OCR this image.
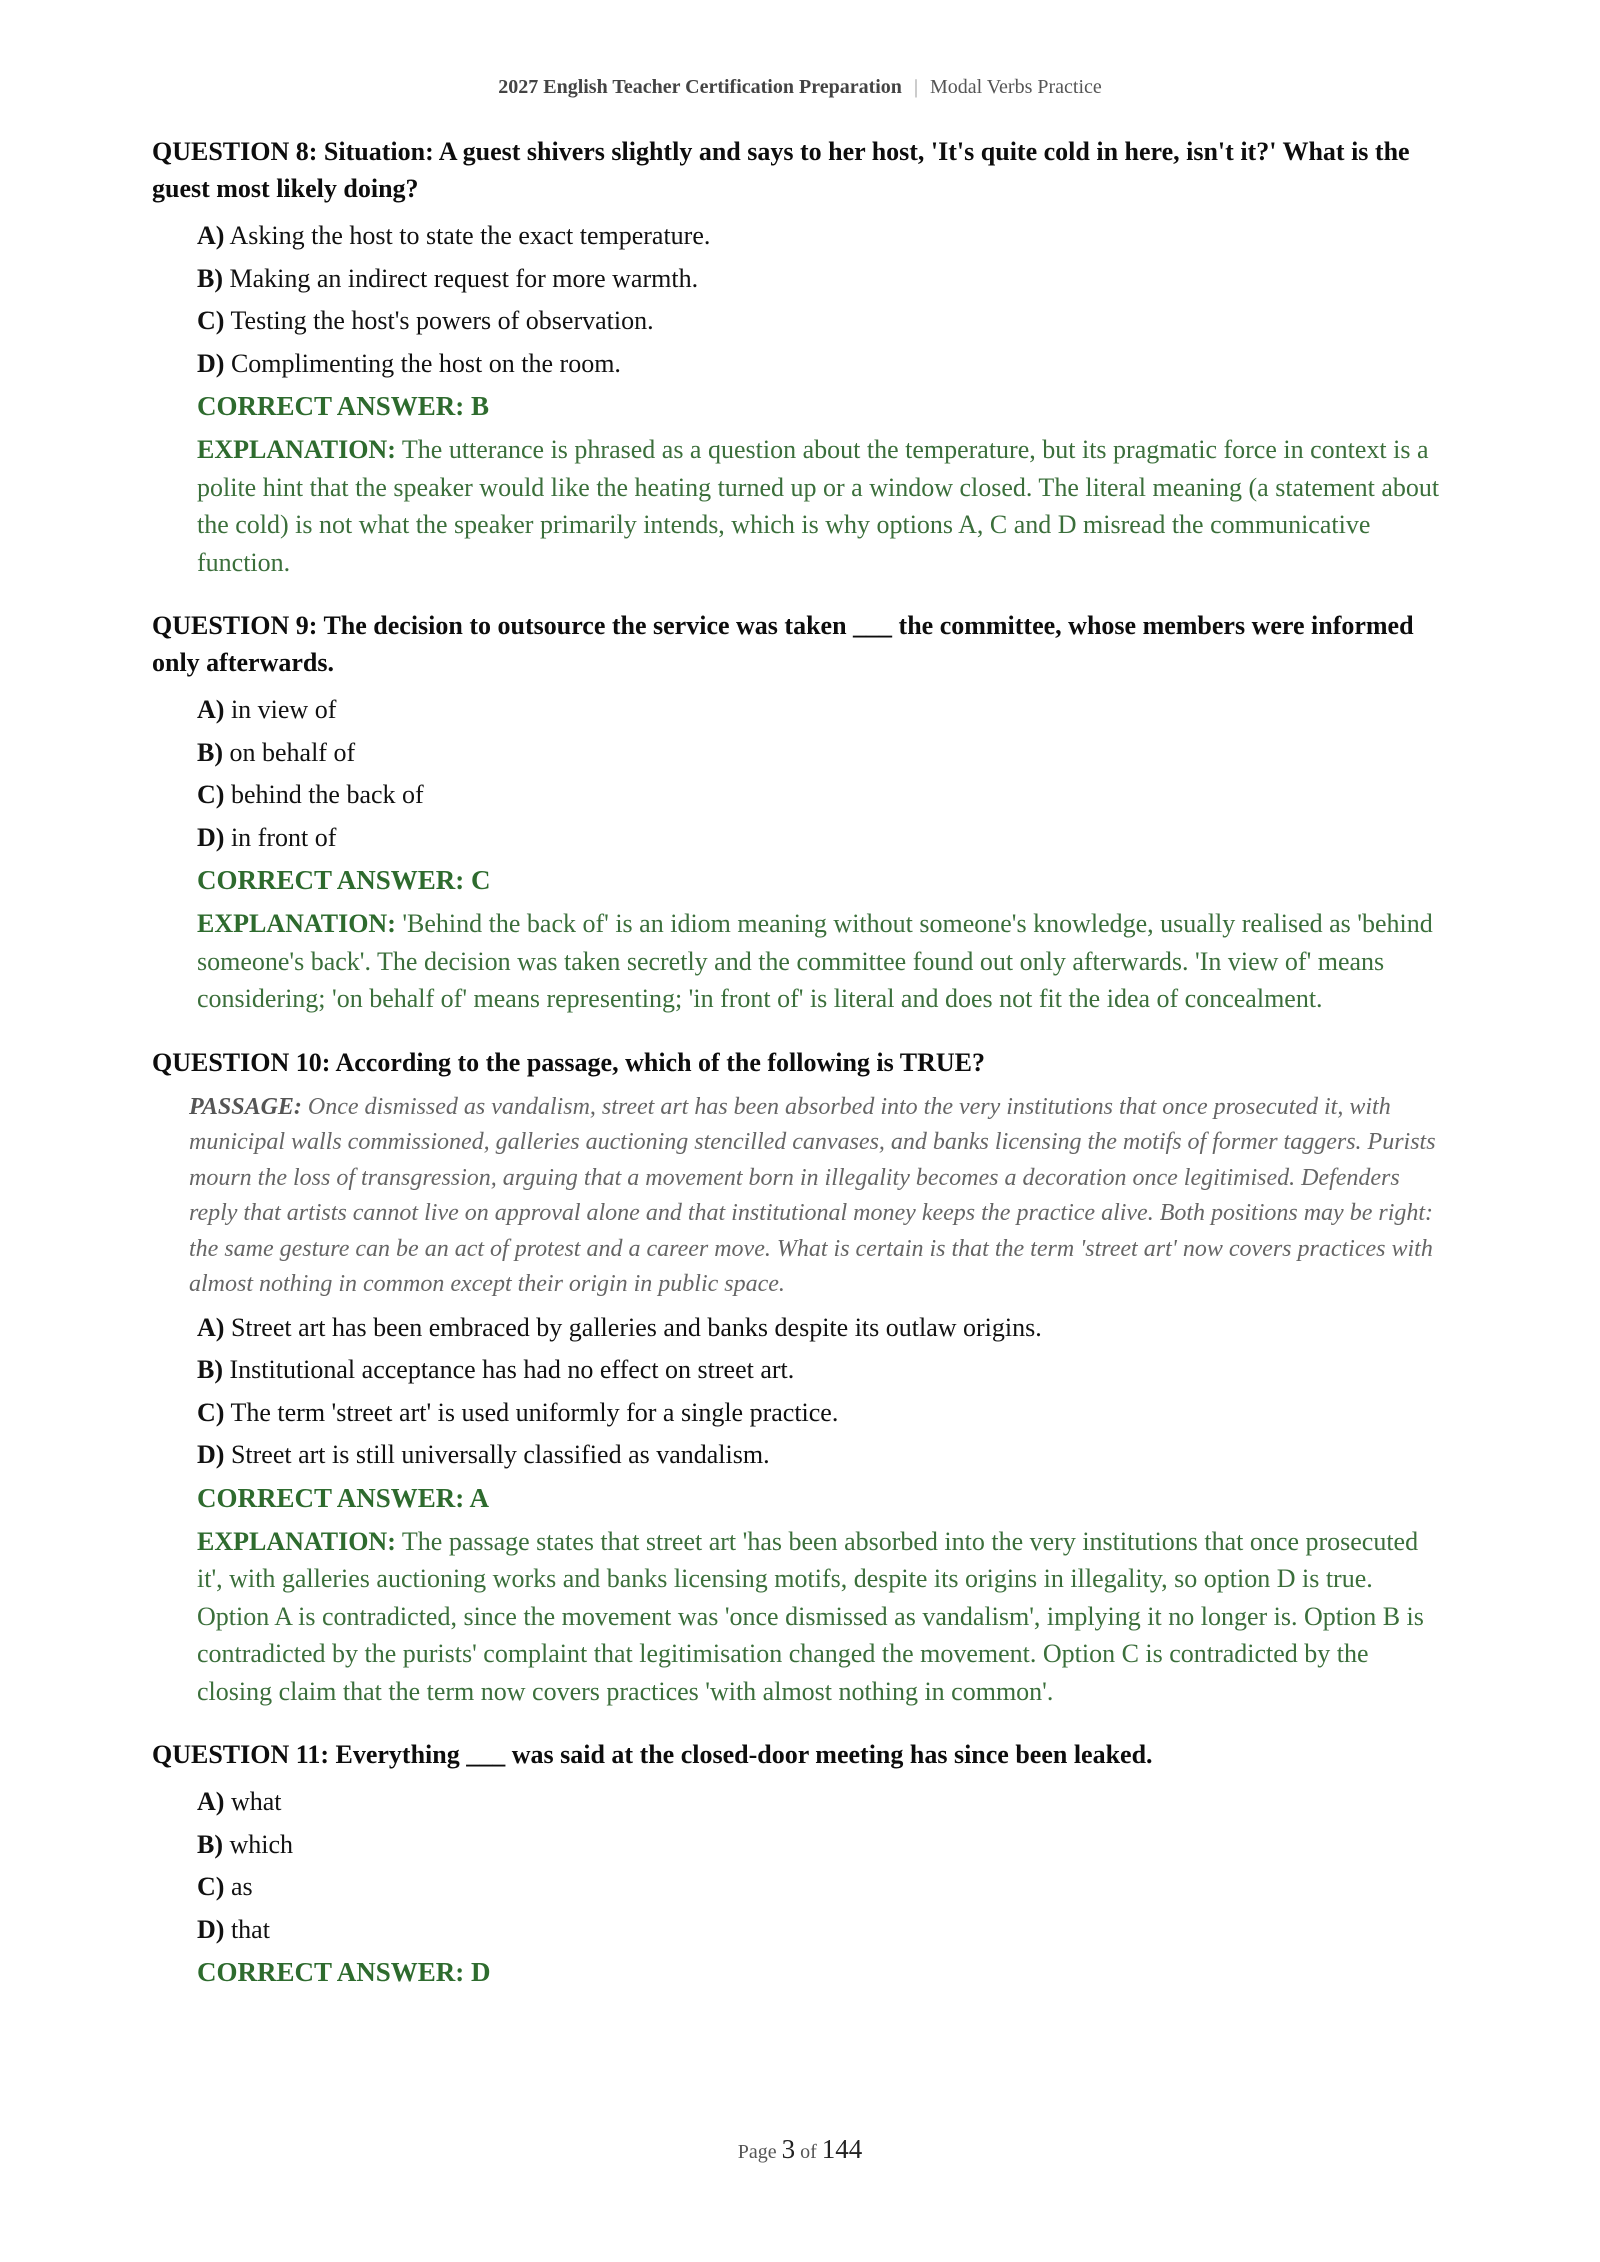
2027 English Teacher Certification Preparation | Modal Verbs Practice
QUESTION 8: Situation: A guest shivers slightly and says to her host, 'It's quite cold in here, isn't it?' What is the guest most likely doing?
A) Asking the host to state the exact temperature.
B) Making an indirect request for more warmth.
C) Testing the host's powers of observation.
D) Complimenting the host on the room.
CORRECT ANSWER: B
EXPLANATION: The utterance is phrased as a question about the temperature, but its pragmatic force in context is a polite hint that the speaker would like the heating turned up or a window closed. The literal meaning (a statement about the cold) is not what the speaker primarily intends, which is why options A, C and D misread the communicative function.
QUESTION 9: The decision to outsource the service was taken ___ the committee, whose members were informed only afterwards.
A) in view of
B) on behalf of
C) behind the back of
D) in front of
CORRECT ANSWER: C
EXPLANATION: 'Behind the back of' is an idiom meaning without someone's knowledge, usually realised as 'behind someone's back'. The decision was taken secretly and the committee found out only afterwards. 'In view of' means considering; 'on behalf of' means representing; 'in front of' is literal and does not fit the idea of concealment.
QUESTION 10: According to the passage, which of the following is TRUE?
PASSAGE: Once dismissed as vandalism, street art has been absorbed into the very institutions that once prosecuted it, with municipal walls commissioned, galleries auctioning stencilled canvases, and banks licensing the motifs of former taggers. Purists mourn the loss of transgression, arguing that a movement born in illegality becomes a decoration once legitimised. Defenders reply that artists cannot live on approval alone and that institutional money keeps the practice alive. Both positions may be right: the same gesture can be an act of protest and a career move. What is certain is that the term 'street art' now covers practices with almost nothing in common except their origin in public space.
A) Street art has been embraced by galleries and banks despite its outlaw origins.
B) Institutional acceptance has had no effect on street art.
C) The term 'street art' is used uniformly for a single practice.
D) Street art is still universally classified as vandalism.
CORRECT ANSWER: A
EXPLANATION: The passage states that street art 'has been absorbed into the very institutions that once prosecuted it', with galleries auctioning works and banks licensing motifs, despite its origins in illegality, so option D is true. Option A is contradicted, since the movement was 'once dismissed as vandalism', implying it no longer is. Option B is contradicted by the purists' complaint that legitimisation changed the movement. Option C is contradicted by the closing claim that the term now covers practices 'with almost nothing in common'.
QUESTION 11: Everything ___ was said at the closed-door meeting has since been leaked.
A) what
B) which
C) as
D) that
CORRECT ANSWER: D
Page 3 of 144
